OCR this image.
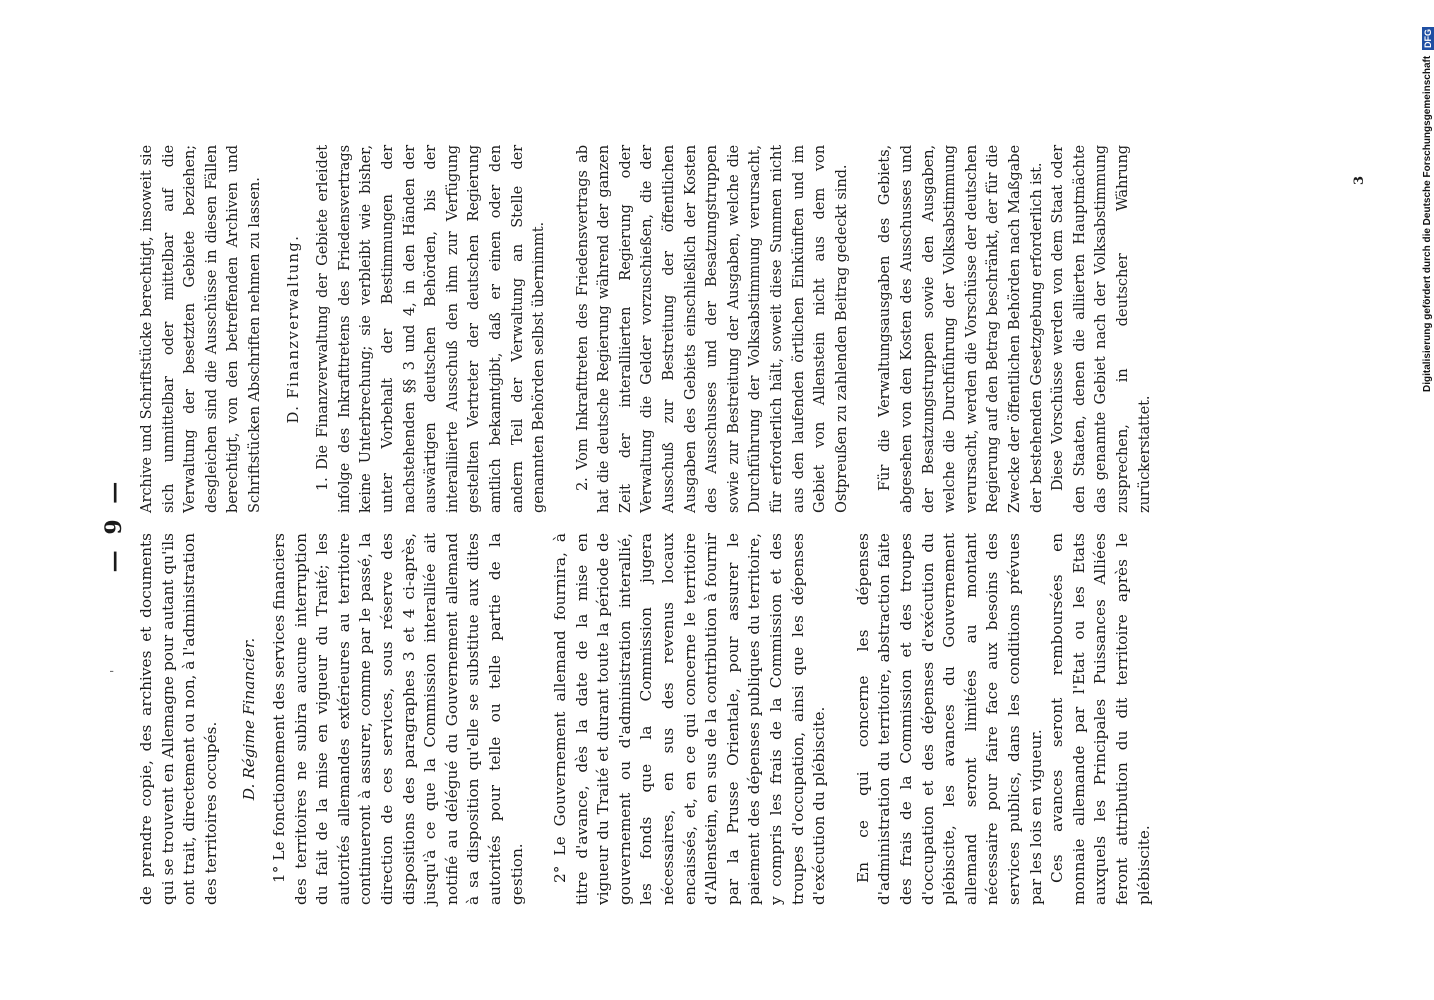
'
— 9 —

de prendre copie, des archives et documents qui se trouvent en Allemagne pour autant qu'ils ont trait, directement ou non, à l'administration des territoires occupés.

D. Régime Financier. 1° Le fonctionnement des services financiers des territoires ne subira aucune interruption du fait de la mise en vigueur du Traité; les autorités allemandes extérieures au territoire continueront à assurer, comme par le passé, la direction de ces services, sous réserve des dispositions des paragraphes 3 et 4 ci-après, jusqu'à ce que la Commission interalliée ait notifié au délégué du Gouvernement allemand à sa disposition qu'elle se substitue aux dites autorités pour telle ou telle partie de la gestion. 2° Le Gouvernement allemand fournira, à titre d'avance, dès la date de la mise en vigueur du Traité et durant toute la période de gouvernement ou d'administration interallié, les fonds que la Commission jugera nécessaires, en sus des revenus locaux encaissés, et, en ce qui concerne le territoire d'Allenstein, en sus de la contribution à fournir par la Prusse Orientale, pour assurer le paiement des dépenses publiques du territoire, y compris les frais de la Commission et des troupes d'occupation, ainsi que les dépenses d'exécution du plébiscite. En ce qui concerne les dépenses d'administration du territoire, abstraction faite des frais de la Commission et des troupes d'occupation et des dépenses d'exécution du plébiscite, les avances du Gouvernement allemand seront limitées au montant nécessaire pour faire face aux besoins des services publics, dans les conditions prévues par les lois en vigueur. Ces avances seront remboursées en monnaie allemande par l'Etat ou les Etats auxquels les Principales Puissances Alliées feront attribution du dit territoire après le plébiscite.

Archive und Schriftstücke berechtigt, insoweit sie sich unmittelbar oder mittelbar auf die Verwaltung der besetzten Gebiete beziehen; desgleichen sind die Ausschüsse in diesen Fällen berechtigt, von den betreffenden Archiven und Schriftstücken Abschriften nehmen zu lassen. D. Finanzverwaltung. 1. Die Finanzverwaltung der Gebiete erleidet infolge des Inkrafttretens des Friedensvertrags keine Unterbrechung; sie verbleibt wie bisher, unter Vorbehalt der Bestimmungen der nachstehenden §§ 3 und 4, in den Händen der auswärtigen deutschen Behörden, bis der interalliierte Ausschuß den ihm zur Verfügung gestellten Vertreter der deutschen Regierung amtlich bekanntgibt, daß er einen oder den andern Teil der Verwaltung an Stelle der genannten Behörden selbst übernimmt. 2. Vom Inkrafttreten des Friedensvertrags ab hat die deutsche Regierung während der ganzen Zeit der interalliierten Regierung oder Verwaltung die Gelder vorzuschießen, die der Ausschuß zur Bestreitung der öffentlichen Ausgaben des Gebiets einschließlich der Kosten des Ausschusses und der Besatzungstruppen sowie zur Bestreitung der Ausgaben, welche die Durchführung der Volksabstimmung verursacht, für erforderlich hält, soweit diese Summen nicht aus den laufenden örtlichen Einkünften und im Gebiet von Allenstein nicht aus dem von Ostpreußen zu zahlenden Beitrag gedeckt sind. Für die Verwaltungsausgaben des Gebiets, abgesehen von den Kosten des Ausschusses und der Besatzungstruppen sowie den Ausgaben, welche die Durchführung der Volksabstimmung verursacht, werden die Vorschüsse der deutschen Regierung auf den Betrag beschränkt, der für die Zwecke der öffentlichen Behörden nach Maßgabe der bestehenden Gesetzgebung erforderlich ist. Diese Vorschüsse werden von dem Staat oder den Staaten, denen die alliierten Hauptmächte das genannte Gebiet nach der Volksabstimmung zusprechen, in deutscher Währung zurückerstattet.

3	Digitalisierung gefördert durch die Deutsche Forschungsgemeinschaft DFG
